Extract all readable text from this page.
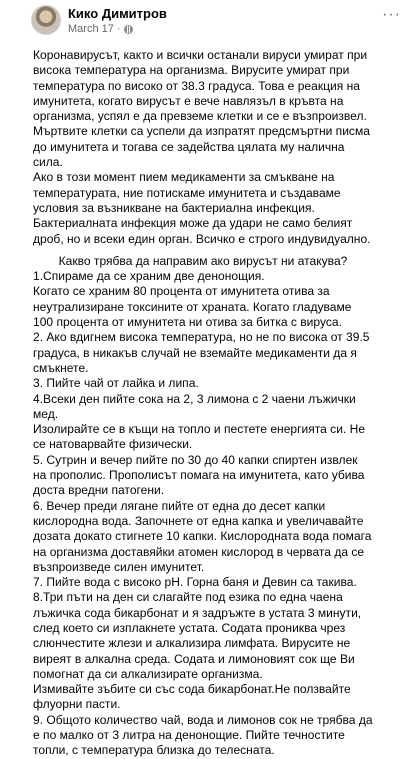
Кико Димитров
March 17 ·
···

Коронавирусът, както и всички останали вируси умират при висока температура на организма. Вирусите умират при температура по високо от 38.3 градуса. Това е реакция на имунитета, когато вирусът е вече навлязъл в кръвта на организма, успял е да превземе клетки и се е възпроизвел. Мъртвите клетки са успели да изпратят предсмъртни писма до имунитета и тогава се задейства цялата му налична сила.

Ако в този момент пием медикаменти за смъкване на температурата, ние потискаме имунитета и създаваме условия за възникване на бактериална инфекция. Бактериалната инфекция може да удари не само белият дроб, но и всеки един орган. Всичко е строго индувидуално.

Какво трябва да направим ако вирусът ни атакува?

1.Спираме да се храним две денонощия.

Когато се храним 80 процента от имунитета отива за неутрализиране токсините от храната. Когато гладуваме 100 процента от имунитета ни отива за битка с вируса.

2. Ако вдигнем висока температура, но не по висока от 39.5 градуса, в никакъв случай не вземайте медикаменти да я смъкнете.

3. Пийте чай от лайка и липа.

4.Всеки ден пийте сока на 2, 3 лимона с 2 чаени лъжички мед.

Изолирайте се в къщи на топло и пестете енергията си. Не се натоварвайте физически.

5. Сутрин и вечер пийте по 30 до 40 капки спиртен извлек на прополис. Прополисът помага на имунитета, като убива доста вредни патогени.

6. Вечер преди лягане пийте от една до десет капки кислородна вода. Започнете от една капка и увеличавайте дозата докато стигнете 10 капки. Кислородната вода помага на организма доставяйки атомен кислород в червата да се възпроизведе силен имунитет.

7. Пийте вода с високо pH. Горна баня и Девин са такива.

8.Три пъти на ден си слагайте под езика по една чаена лъжичка сода бикарбонат и я задръжте в устата 3 минути, след което си изплакнете устата. Содата прониква чрез слюнчестите жлези и алкализира лимфата. Вирусите не виреят в алкална среда. Содата и лимоновият сок ще Ви помогнат да си алкализирате организма.

Измивайте зъбите си със сода бикарбонат.Не ползвайте флуорни пасти.

9. Общото количество чай, вода и лимонов сок не трябва да е по малко от 3 литра на денонощие. Пийте течностите топли, с температура близка до телесната.
